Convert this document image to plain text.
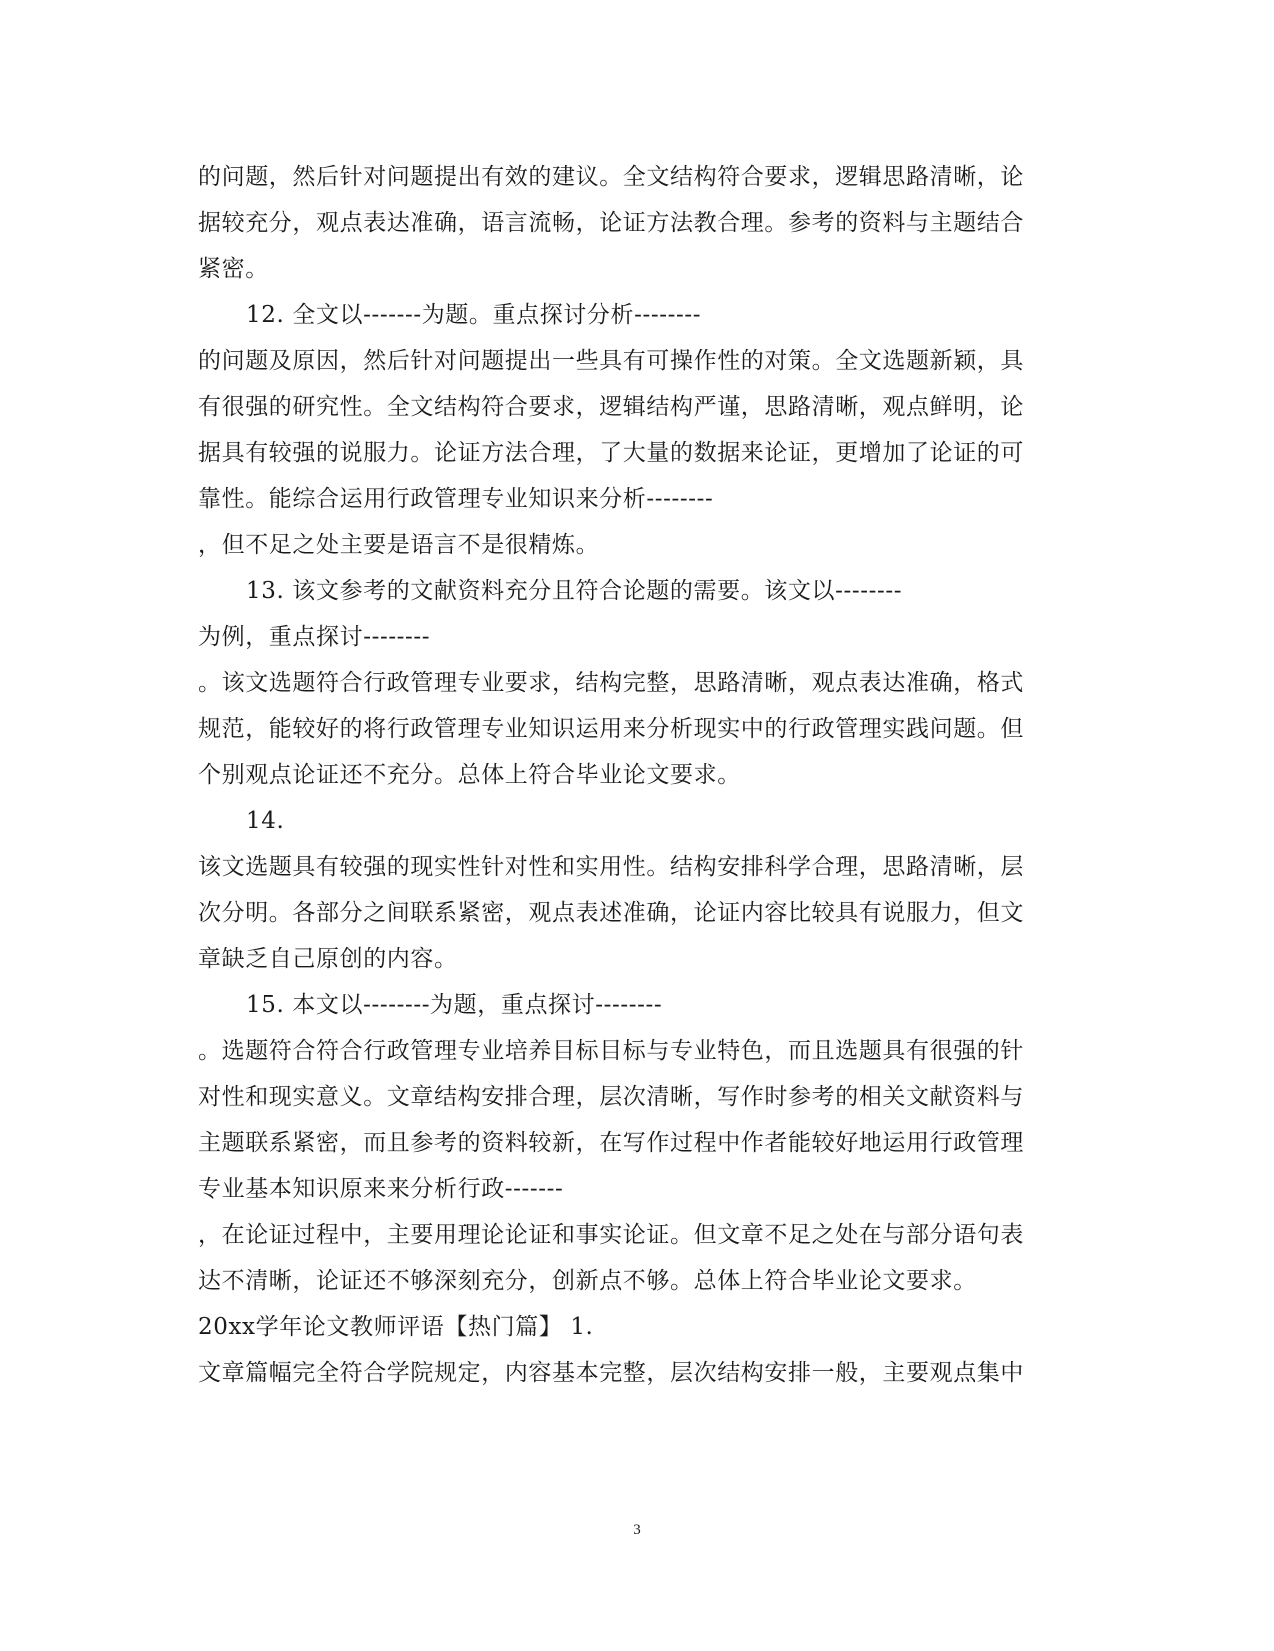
的问题，然后针对问题提出有效的建议。全文结构符合要求，逻辑思路清晰，论
据较充分，观点表达准确，语言流畅，论证方法教合理。参考的资料与主题结合
紧密。
12. 全文以-------为题。重点探讨分析--------
的问题及原因，然后针对问题提出一些具有可操作性的对策。全文选题新颖，具
有很强的研究性。全文结构符合要求，逻辑结构严谨，思路清晰，观点鲜明，论
据具有较强的说服力。论证方法合理，了大量的数据来论证，更增加了论证的可
靠性。能综合运用行政管理专业知识来分析--------
，但不足之处主要是语言不是很精炼。
13. 该文参考的文献资料充分且符合论题的需要。该文以--------
为例，重点探讨--------
。该文选题符合行政管理专业要求，结构完整，思路清晰，观点表达准确，格式
规范，能较好的将行政管理专业知识运用来分析现实中的行政管理实践问题。但
个别观点论证还不充分。总体上符合毕业论文要求。
14.
该文选题具有较强的现实性针对性和实用性。结构安排科学合理，思路清晰，层
次分明。各部分之间联系紧密，观点表述准确，论证内容比较具有说服力，但文
章缺乏自己原创的内容。
15. 本文以--------为题，重点探讨--------
。选题符合符合行政管理专业培养目标目标与专业特色，而且选题具有很强的针
对性和现实意义。文章结构安排合理，层次清晰，写作时参考的相关文献资料与
主题联系紧密，而且参考的资料较新，在写作过程中作者能较好地运用行政管理
专业基本知识原来来分析行政-------
，在论证过程中，主要用理论论证和事实论证。但文章不足之处在与部分语句表
达不清晰，论证还不够深刻充分，创新点不够。总体上符合毕业论文要求。
20xx学年论文教师评语【热门篇】 1.
文章篇幅完全符合学院规定，内容基本完整，层次结构安排一般，主要观点集中
3
